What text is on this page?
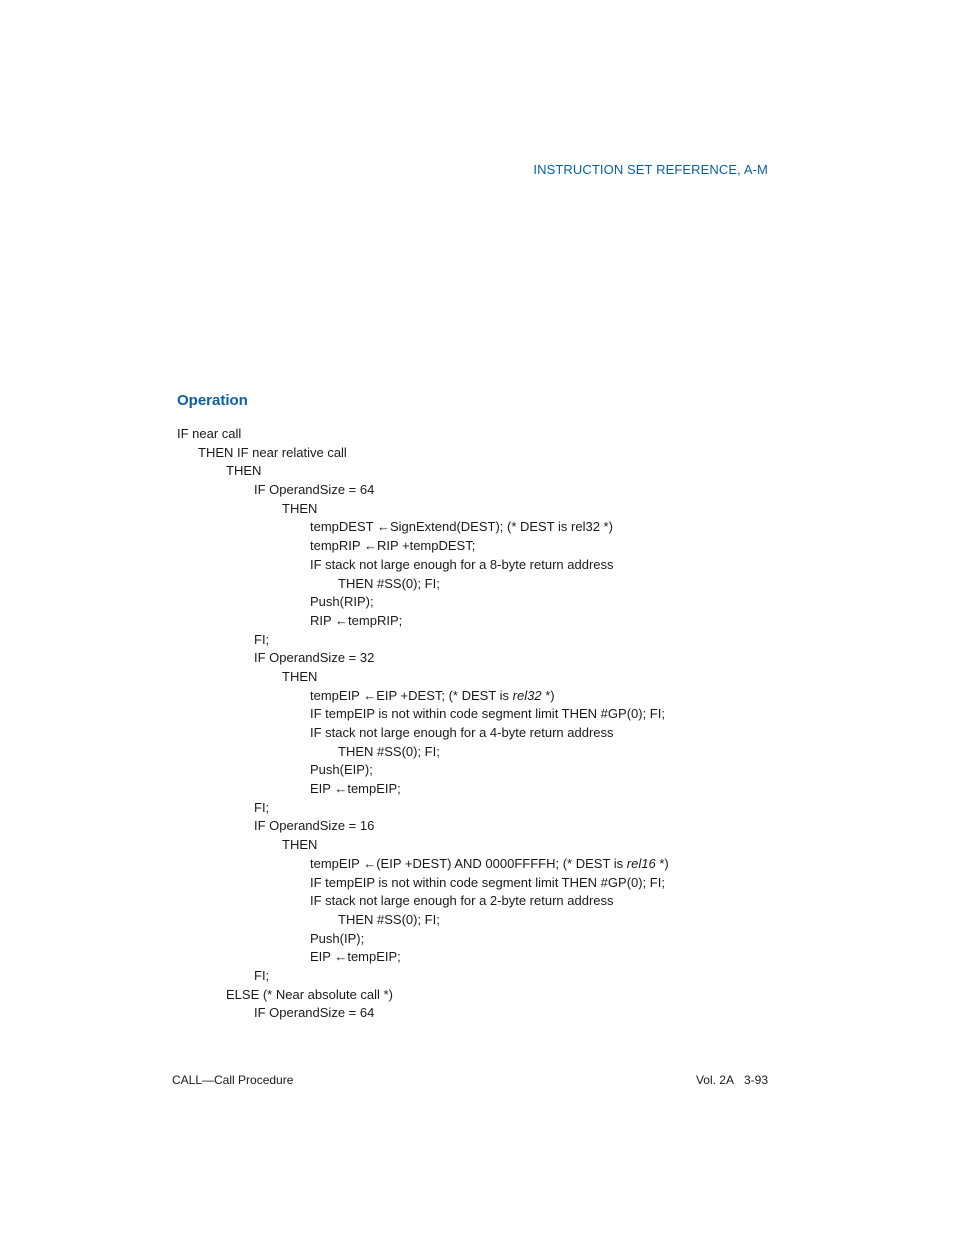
INSTRUCTION SET REFERENCE, A-M
Operation
IF near call
THEN IF near relative call
THEN
IF OperandSize = 64
THEN
tempDEST ←SignExtend(DEST); (* DEST is rel32 *)
tempRIP ←RIP +tempDEST;
IF stack not large enough for a 8-byte return address
THEN #SS(0); FI;
Push(RIP);
RIP ←tempRIP;
FI;
IF OperandSize = 32
THEN
tempEIP ←EIP +DEST; (* DEST is rel32 *)
IF tempEIP is not within code segment limit THEN #GP(0); FI;
IF stack not large enough for a 4-byte return address
THEN #SS(0); FI;
Push(EIP);
EIP ←tempEIP;
FI;
IF OperandSize = 16
THEN
tempEIP ←(EIP +DEST) AND 0000FFFFH; (* DEST is rel16 *)
IF tempEIP is not within code segment limit THEN #GP(0); FI;
IF stack not large enough for a 2-byte return address
THEN #SS(0); FI;
Push(IP);
EIP ←tempEIP;
FI;
ELSE (* Near absolute call *)
IF OperandSize = 64
CALL—Call Procedure	Vol. 2A 3-93
